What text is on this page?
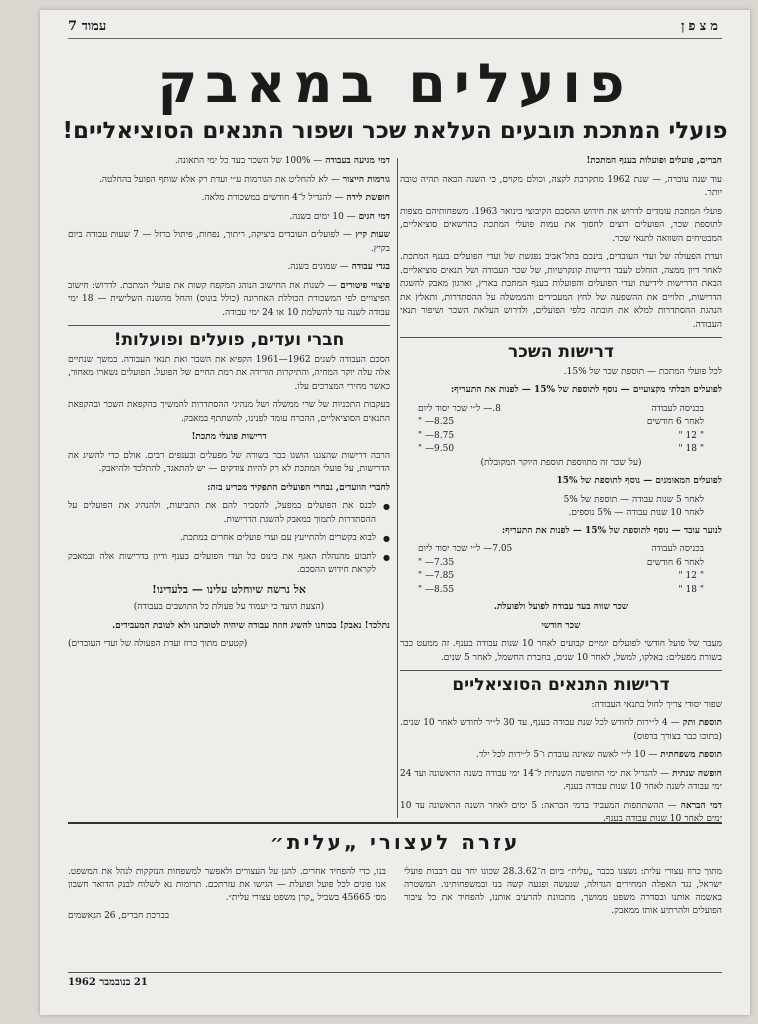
מצפן
עמוד 7
פועלים במאבק
פועלי המתכת תובעים העלאת שכר ושפור התנאים הסוציאליים!

חברים, פועלים ופועלות בענף המתכת!

עוד שנה עוברה, — שנת 1962 מתקרבת לקצה, וכולם מקוים, כי השנה הבאה תהיה טובה יותר.

פועלי המתכת עומדים לדרוש את חידוש ההסכם הקיבוצי בינואר 1963. משפחותיהם מצפות לתוספת שכר, הפועלים רוצים לחסוך את עמות פועלי המתכת בהרשאים סוציאליים, המבטיחים השוואה לתנאי שכר.

ועדת הפעולה של ועדי העובדים, בינכם בתל־אביב נפגשת של ועדי הפועלים בענף המתכת. לאחר דיון ממצה, הוחלט לעבד דרישות קונקרטיות, של שכר העבודה ושל תנאים סוציאליים. הבאת הדרישות לידיעת ועדי הפועלים והפועלות בענף המתכת בארץ, וארגון מאבק להשגת הדרישות, תלויים את ההשפעה של לחץ המעבידים והממשלה על ההסתדרות, ותאלץ את הנהגת ההסתדרות למלא את חובתה כלפי הפועלים, ולדרוש העלאת השכר ושיפור תנאי העבודה.

דרישות השכר

לכל פועלי המתכת — תוספת שכר של 15%.

לפועלים הבלתי מקצועיים — נוסף לתוספת של 15% — לפנות את התעריף:

בכניסה לעבודה
8.— ל״י שכר יסוד ליום
לאחר 6 חודשים
8.25— "
" 12 "
8.75— "
" 18 "
9.50— "

(על שכר זה מתווספת תוספת היוקר המקובלת)

לפועלים המאומנים — נוסף לתוספת של 15%

לאחר 5 שנות עבודה — תוספת של 5%
לאחר 10 שנות עבודה — 5% נוספים.

לנוער עובד — נוסף לתוספת של 15% — לפנות את התעריף:

בכניסה לעבודה
7.05— ל״י שכר יסוד ליום
לאחר 6 חודשים
7.35— "
" 12 "
7.85— "
" 18 "
8.55— "

שכר שווה בעד עבודה לפועל ולפועלת.

שכר חודשי

מעבר של פועל חודשי לפועלים יומיים קבועים לאחר 10 שנות עבודה בענף. זה ממעט כבר בשורת מפעלים: באלקו, למשל, לאחר 10 שנים, בחברת החשמל, לאחר 5 שנים.

דרישות התנאים הסוציאליים

שפור יסודי צריך לחול בתנאי העבודה:

תוספת ותק — 4 ל״ירות לחודש לכל שנת עבודה בענף, עד 30 ל״יר לחודש לאחר 10 שנים. (בתוכו כבר בצורך בדפוס)

תוספת משפחתית — 10 ל״י לאשה שאינה עובדת ו־5 ל״ירות לכל ילד.

חופשה שנתית — להגדיל את ימי החופשה השנתית ל־14 ימי עבודה בשנה הראשונה ועד 24 ימי עבודה לשנה לאחר 10 שנות עבודה בענף.

דמי הבראה — ההשתתפות המעביד בדמי הבראה: 5 ימים לאחר השנה הראשונה עד 10 ימים לאחר 10 שנות עבודה בענף.

דמי מגיעה בעבודה — 100% של השכר בעד כל ימי התאונה.

גורמות הייצור — לא להחליט את הגורמות ע״י ועדת רק אלא שותף הפועל בהחלטה.

חופשת לידה — להגדיל ל־4 חודשים במשכורת מלאה.

דמי חגים — 10 ימים בשנה.

שעות קיץ — לפועלים העובדים ביציקה, ריתוך, נפחות, פיתול ברזל — 7 שעות עבודה ביום בקיץ.

בגדי עבודה — שמונים בשנה.

פיצויי פיטורים — לשנות את החישוב הנוהג המקפח קשות את פועלי המתכת. לדרוש: חישוב הפיצויים לפי המשכורת הכוללת האחרונה (כולל בונוס) והחל מהשנה השלישית — 18 ימי עבודה לשנה עד להשלמת 10 או 24 ימי עבודה.

חברי ועדים, פועלים ופועלות!

הסכם העבודה לשנים 1962—1961 הקפיא את השכר ואת תנאי העבודה. במשך שנתיים אלה עלה יוקר המחיה, והתיקרות הורידה את רמת החיים של הפועל. הפועלים נשארו מאחור, כאשר מחירי המצרכים עלו.

בעקבות התכניות של שרי ממשלה ושל מנהיגי ההסתדרות להמשיך בהקפאת השכר ובהקפאת התנאים הסוציאליים, ההכרח עומד לפנינו, להשתתף במאבק.

דרישות פועלי מתכת!

הרבה דרישות שהצגנו הושגו כבר בשורה של מפעלים ובענפים רבים. אולם כדי להשיג את הדרישות, על פועלי המתכת לא רק להיות צודקים — יש להתאגד, להתלכד ולהיאבק.

לחברי הוועדים, נבחרי הפועלים התפקיד מכריע בזה:

● לכנס את הפועלים במפעל, להסביר להם את התביעות, ולהנהיג את הפועלים על ההסתדרות לתמוך במאבק להשגת הדרישות.

● לבוא בקשרים ולהתייעץ עם ועדי פועלים אחרים במתכת.

● לתבוע מהנהלת האגף את כינוס כל ועדי הפועלים בענף ודיון בדרישות אלה ובמאבק לקראת חידוש ההסכם.

אל נרשה שיוחלט עלינו — בלעדינו!

(הצעת הועד כי יעמוד על פעולת כל התושבים בעבודה)

נתלכד! נאבק! בכוחנו להשיג חוזה עבודה שיהיה לטובתנו ולא לטובת המעבידים.

(קטעים מתוך כרוז ועדת הפעולה של ועדי העובדים)

עזרה לעצורי „עלית״

מתוך כרוז עצורי עלית: נשצנו בכבר „עלית״ ביום ה־28.3.62 שכונו יחד עם רבבות פועלי ישראל, נגד האפלה המחירים הגדולה, שנעשה ופגעה קשה בנו ובמשפחותינו. המשטרה באשמה אותנו ובסדרה משפט ממושך, מתכוונת להרעיב אותנו, להפחיד את כל ציבור הפועלים ולהרתיע אותו ממאבק.

בנו, כדי להפחיד אחרים. להגן על העצורים ולאפשר למשפחות הנזקקות לנהל את המשפט. אנו פונים לכל פועל ופועלת — הגישו את עזרתכם. תרומות נא לשלוח לבנק הדואר חשבון מס׳ 45665 בשביל „קרן משפט עצורי עלית״.

בברכת חברים, 26 הנאשמים

21 בנובמבר 1962
